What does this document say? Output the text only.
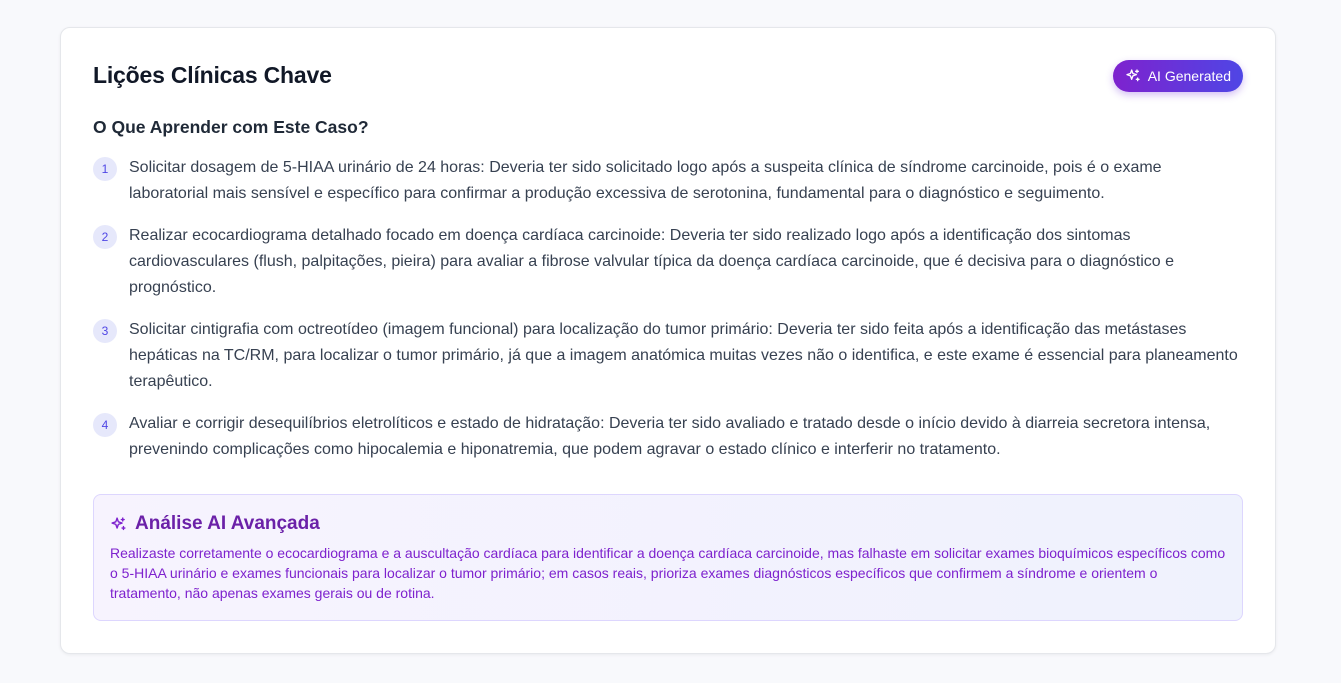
Lições Clínicas Chave	AI Generated
O Que Aprender com Este Caso?
1	Solicitar dosagem de 5-HIAA urinário de 24 horas: Deveria ter sido solicitado logo após a suspeita clínica de síndrome carcinoide, pois é o exame laboratorial mais sensível e específico para confirmar a produção excessiva de serotonina, fundamental para o diagnóstico e seguimento.

2	Realizar ecocardiograma detalhado focado em doença cardíaca carcinoide: Deveria ter sido realizado logo após a identificação dos sintomas cardiovasculares (flush, palpitações, pieira) para avaliar a fibrose valvular típica da doença cardíaca carcinoide, que é decisiva para o diagnóstico e prognóstico.

3	Solicitar cintigrafia com octreotídeo (imagem funcional) para localização do tumor primário: Deveria ter sido feita após a identificação das metástases hepáticas na TC/RM, para localizar o tumor primário, já que a imagem anatómica muitas vezes não o identifica, e este exame é essencial para planeamento terapêutico.

4	Avaliar e corrigir desequilíbrios eletrolíticos e estado de hidratação: Deveria ter sido avaliado e tratado desde o início devido à diarreia secretora intensa, prevenindo complicações como hipocalemia e hiponatremia, que podem agravar o estado clínico e interferir no tratamento.

Análise AI Avançada

Realizaste corretamente o ecocardiograma e a auscultação cardíaca para identificar a doença cardíaca carcinoide, mas falhaste em solicitar exames bioquímicos específicos como o 5-HIAA urinário e exames funcionais para localizar o tumor primário; em casos reais, prioriza exames diagnósticos específicos que confirmem a síndrome e orientem o tratamento, não apenas exames gerais ou de rotina.
